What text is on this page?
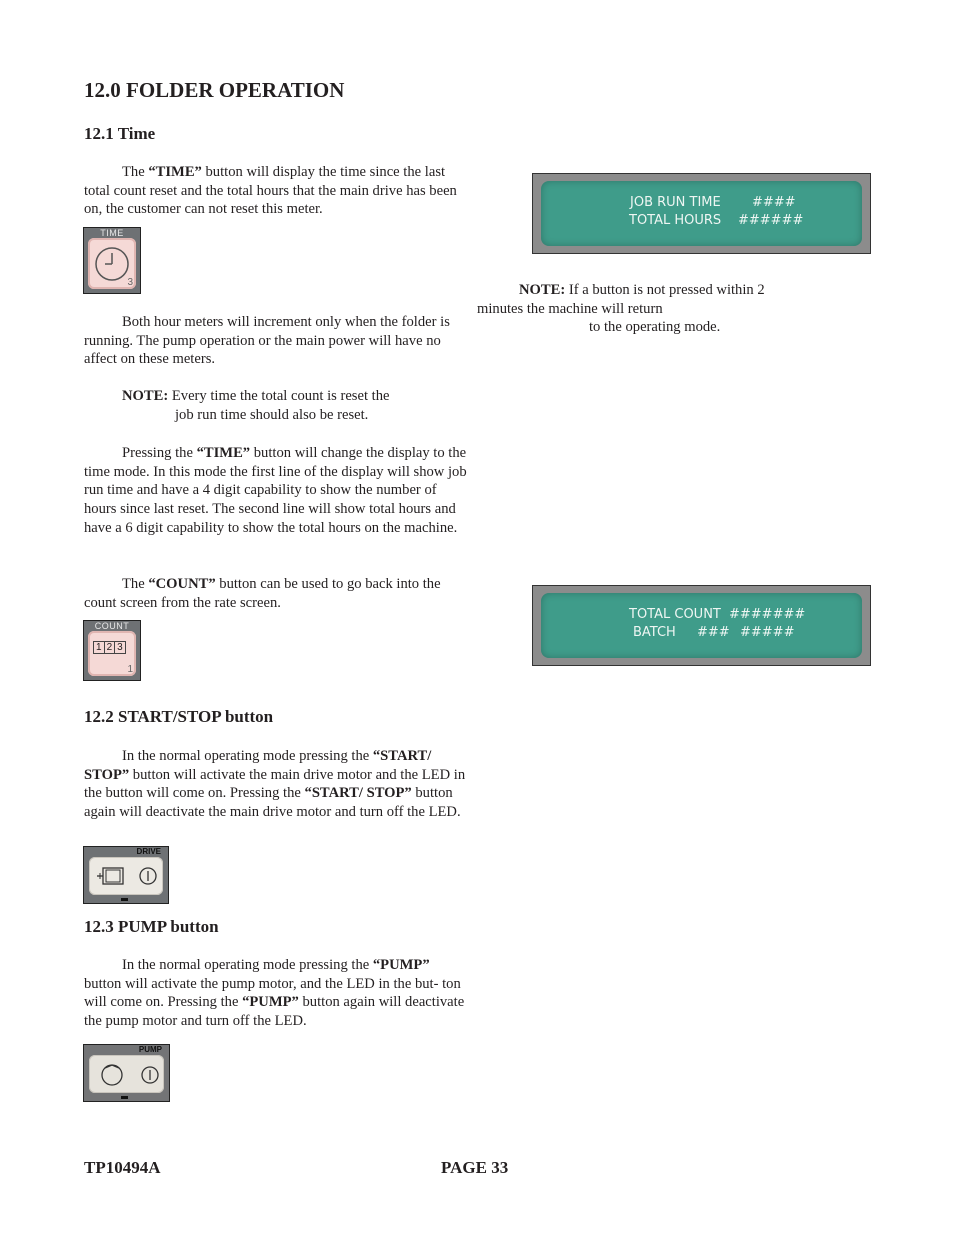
12.0 FOLDER OPERATION
12.1 Time

The “TIME” button will display the time since the last total count reset and the total hours that the main drive has been on, the customer can not reset this meter.

TIME
3

Both hour meters will increment only when the folder is running. The pump operation or the main power will have no affect on these meters.

NOTE: Every time the total count is reset the

job run time should also be reset.

Pressing the “TIME” button will change the display to the time mode. In this mode the first line of the display will show job run time and have a 4 digit capability to show the number of hours since last reset. The second line will show total hours and have a 6 digit capability to show the total hours on the machine.

The “COUNT” button can be used to go back into the count screen from the rate screen.

COUNT
1 2 3
1
12.2 START/STOP button

In the normal operating mode pressing the “START/ STOP” button will activate the main drive motor and the LED in the button will come on. Pressing the “START/ STOP” button again will deactivate the main drive motor and turn off the LED.

DRIVE
12.3 PUMP button

In the normal operating mode pressing the “PUMP” button will activate the pump motor, and the LED in the but- ton will come on. Pressing the “PUMP” button again will deactivate the pump motor and turn off the LED.

PUMP
JOB RUN TIME ####
TOTAL HOURS ######

NOTE: If a button is not pressed within 2

minutes the machine will return

to the operating mode.

TOTAL COUNT #######
BATCH ### #####
TP10494A	PAGE 33
